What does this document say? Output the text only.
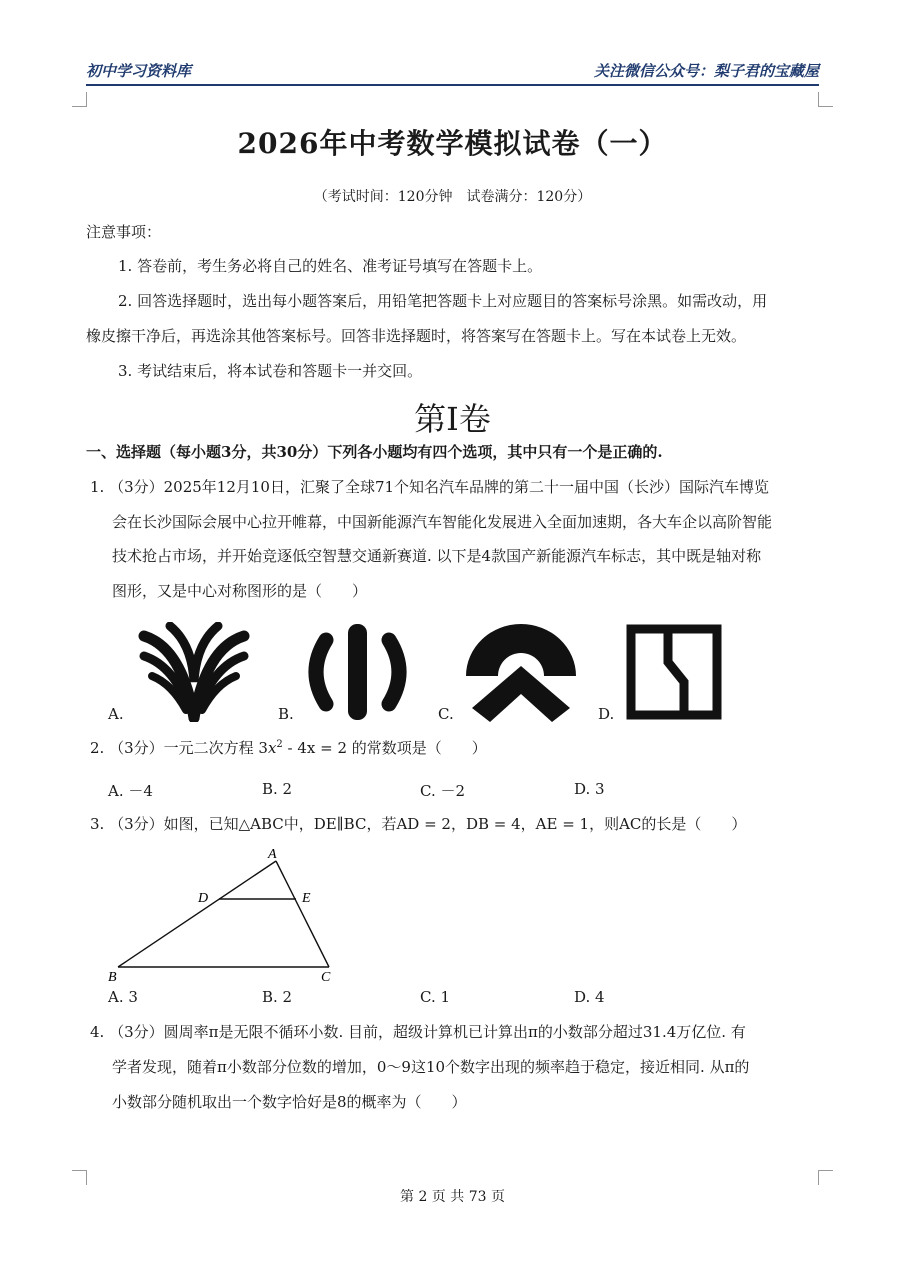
初中学习资料库	关注微信公众号：梨子君的宝藏屋
2026年中考数学模拟试卷（一）
（考试时间：120分钟　试卷满分：120分）
注意事项：
1. 答卷前，考生务必将自己的姓名、准考证号填写在答题卡上。
2. 回答选择题时，选出每小题答案后，用铅笔把答题卡上对应题目的答案标号涂黑。如需改动，用
橡皮擦干净后，再选涂其他答案标号。回答非选择题时，将答案写在答题卡上。写在本试卷上无效。
3. 考试结束后，将本试卷和答题卡一并交回。
第Ⅰ卷
一、选择题（每小题3分，共30分）下列各小题均有四个选项，其中只有一个是正确的.
1. （3分）2025年12月10日，汇聚了全球71个知名汽车品牌的第二十一届中国（长沙）国际汽车博览
会在长沙国际会展中心拉开帷幕，中国新能源汽车智能化发展进入全面加速期，各大车企以高阶智能
技术抢占市场，并开始竞逐低空智慧交通新赛道. 以下是4款国产新能源汽车标志，其中既是轴对称
图形，又是中心对称图形的是（　　）
A.	B.	C.	D.
2. （3分）一元二次方程 $3x^2 - 4x = 2$ 的常数项是（　　）
A. －4	B. 2	C. －2	D. 3
3. （3分）如图，已知△ABC中，DE∥BC，若AD = 2，DB = 4，AE = 1，则AC的长是（　　）
A
D	E
B	C
A. 3	B. 2	C. 1	D. 4
4. （3分）圆周率π是无限不循环小数. 目前，超级计算机已计算出π的小数部分超过31.4万亿位. 有
学者发现，随着π小数部分位数的增加，0～9这10个数字出现的频率趋于稳定，接近相同. 从π的
小数部分随机取出一个数字恰好是8的概率为（　　）
第 2 页 共 73 页
